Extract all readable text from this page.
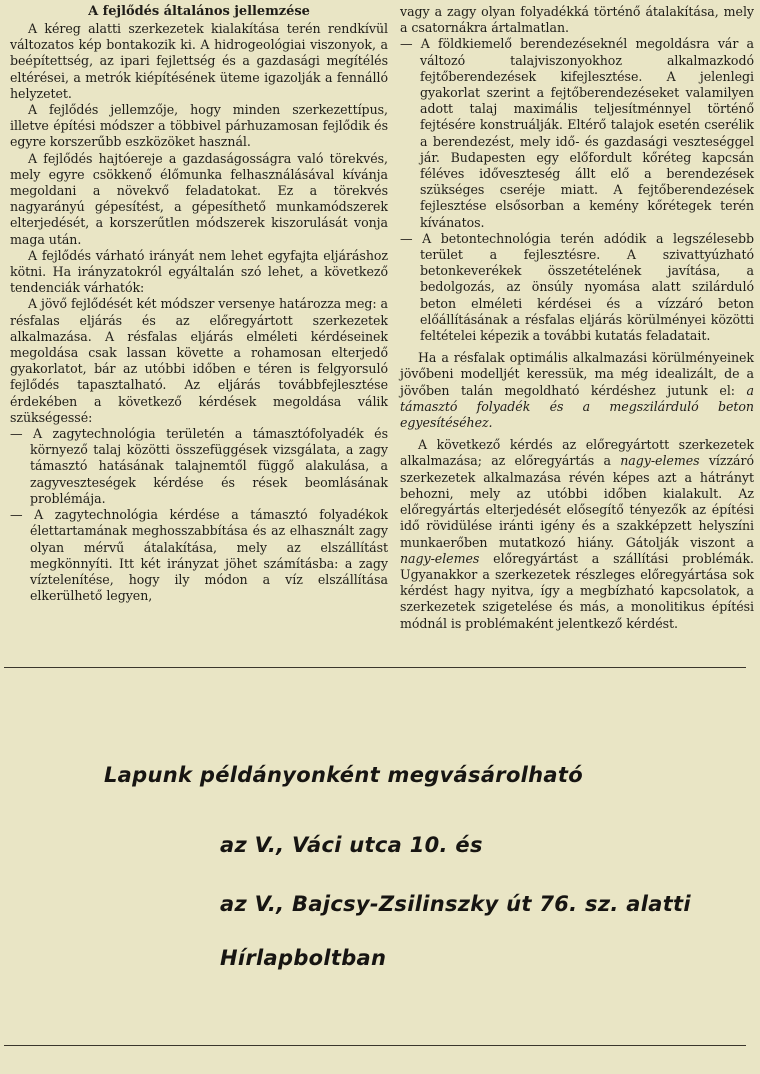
A fejlődés általános jellemzése

A kéreg alatti szerkezetek kialakítása terén rendkívül változatos kép bontakozik ki. A hidrogeológiai viszonyok, a beépítettség, az ipari fejlettség és a gazdasági megítélés eltérései, a metrók kiépítésének üteme igazolják a fennálló helyzetet.

A fejlődés jellemzője, hogy minden szerkezettípus, illetve építési módszer a többivel párhuzamosan fejlődik és egyre korszerűbb eszközöket használ.

A fejlődés hajtóereje a gazdaságosságra való törekvés, mely egyre csökkenő élőmunka felhasználásával kívánja megoldani a növekvő feladatokat. Ez a törekvés nagyarányú gépesítést, a gépesíthető munkamódszerek elterjedését, a korszerűtlen módszerek kiszorulását vonja maga után.

A fejlődés várható irányát nem lehet egyfajta eljáráshoz kötni. Ha irányzatokról egyáltalán szó lehet, a következő tendenciák várhatók:

A jövő fejlődését két módszer versenye határozza meg: a résfalas eljárás és az előregyártott szerkezetek alkalmazása. A résfalas eljárás elméleti kérdéseinek megoldása csak lassan követte a rohamosan elterjedő gyakorlatot, bár az utóbbi időben e téren is felgyorsuló fejlődés tapasztalható. Az eljárás továbbfejlesztése érdekében a következő kérdések megoldása válik szükségessé:

— A zagytechnológia területén a támasztófolyadék és környező talaj közötti összefüggések vizsgálata, a zagy támasztó hatásának talajnemtől függő alakulása, a zagyveszteségek kérdése és rések beomlásának problémája.

— A zagytechnológia kérdése a támasztó folyadékok élettartamának meghosszabbítása és az elhasznált zagy olyan mérvű átalakítása, mely az elszállítást megkönnyíti. Itt két irányzat jöhet számításba: a zagy víztelenítése, hogy ily módon a víz elszállítása elkerülhető legyen,

vagy a zagy olyan folyadékká történő átalakítása, mely a csatornákra ártalmatlan.

— A földkiemelő berendezéseknél megoldásra vár a változó talajviszonyokhoz alkalmazkodó fejtőberendezések kifejlesztése. A jelenlegi gyakorlat szerint a fejtőberendezéseket valamilyen adott talaj maximális teljesítménnyel történő fejtésére konstruálják. Eltérő talajok esetén cserélik a berendezést, mely idő- és gazdasági veszteséggel jár. Budapesten egy előfordult kőréteg kapcsán féléves időveszteség állt elő a berendezések szükséges cseréje miatt. A fejtőberendezések fejlesztése elsősorban a kemény kőrétegek terén kívánatos.

— A betontechnológia terén adódik a legszélesebb terület a fejlesztésre. A szivattyúzható betonkeverékek összetételének javítása, a bedolgozás, az önsúly nyomása alatt szilárduló beton elméleti kérdései és a vízzáró beton előállításának a résfalas eljárás körülményei közötti feltételei képezik a további kutatás feladatait.

Ha a résfalak optimális alkalmazási körülményeinek jövőbeni modelljét keressük, ma még idealizált, de a jövőben talán megoldható kérdéshez jutunk el: a támasztó folyadék és a megszilárduló beton egyesítéséhez.

A következő kérdés az előregyártott szerkezetek alkalmazása; az előregyártás a nagy-elemes vízzáró szerkezetek alkalmazása révén képes azt a hátrányt behozni, mely az utóbbi időben kialakult. Az előregyártás elterjedését elősegítő tényezők az építési idő rövidülése iránti igény és a szakképzett helyszíni munkaerőben mutatkozó hiány. Gátolják viszont a nagy-elemes előregyártást a szállítási problémák. Ugyanakkor a szerkezetek részleges előregyártása sok kérdést hagy nyitva, így a megbízható kapcsolatok, a szerkezetek szigetelése és más, a monolitikus építési módnál is problémaként jelentkező kérdést.

Lapunk példányonként megvásárolható
az V., Váci utca 10. és
az V., Bajcsy-Zsilinszky út 76. sz. alatti
Hírlapboltban
